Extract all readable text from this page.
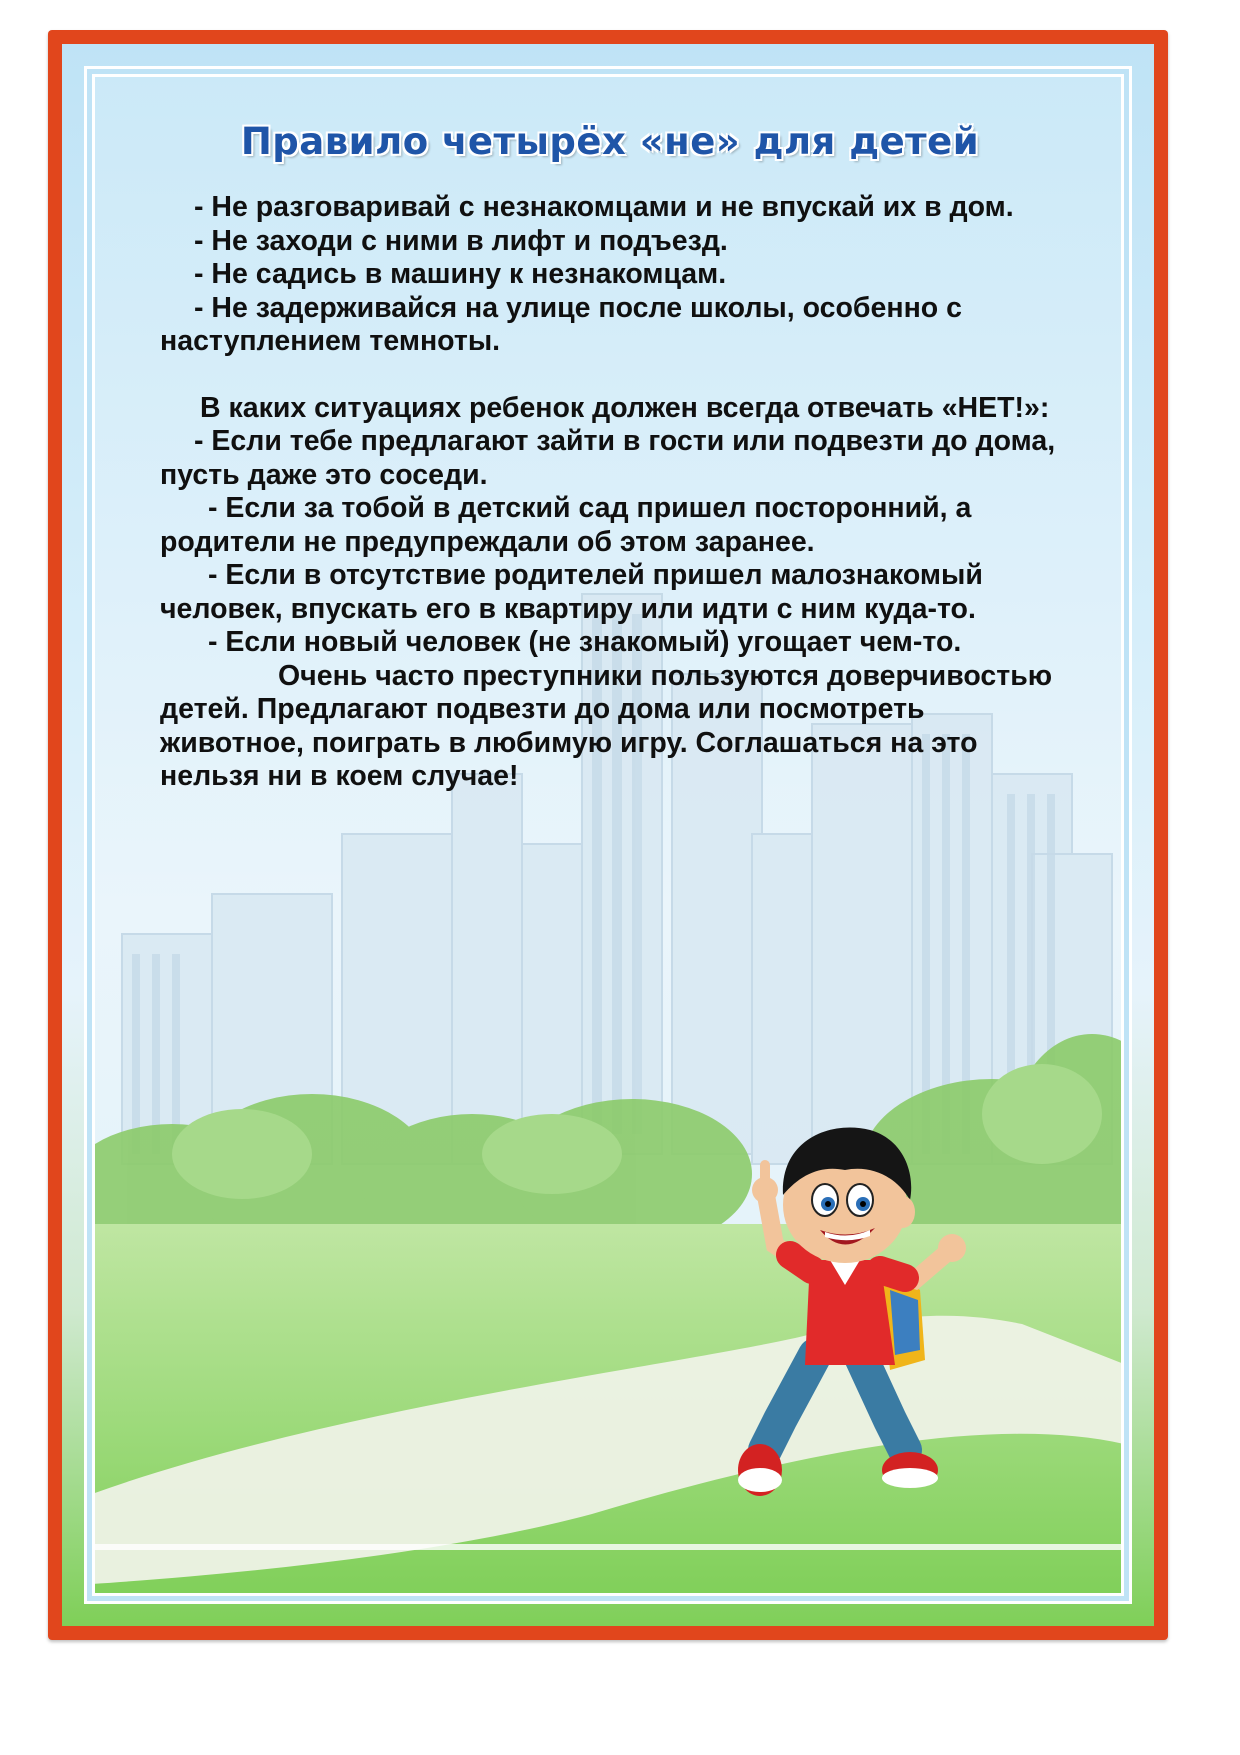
Правило четырёх «не» для детей

- Не разговаривай с незнакомцами и не впускай их в дом.

- Не заходи с ними в лифт и подъезд.

- Не садись в машину к незнакомцам.

- Не задерживайся на улице после школы, особенно с наступлением темноты.

В каких ситуациях ребенок должен всегда отвечать «НЕТ!»:

- Если тебе предлагают зайти в гости или подвезти до дома, пусть даже это соседи.

- Если за тобой в детский сад пришел посторонний, а родители не предупреждали об этом заранее.

- Если в отсутствие родителей пришел малознакомый человек, впускать его в квартиру или идти с ним куда-то.

- Если новый человек (не знакомый) угощает чем-то.

Очень часто преступники пользуются доверчивостью детей. Предлагают подвезти до дома или посмотреть животное, поиграть в любимую игру. Соглашаться на это нельзя ни в коем случае!
